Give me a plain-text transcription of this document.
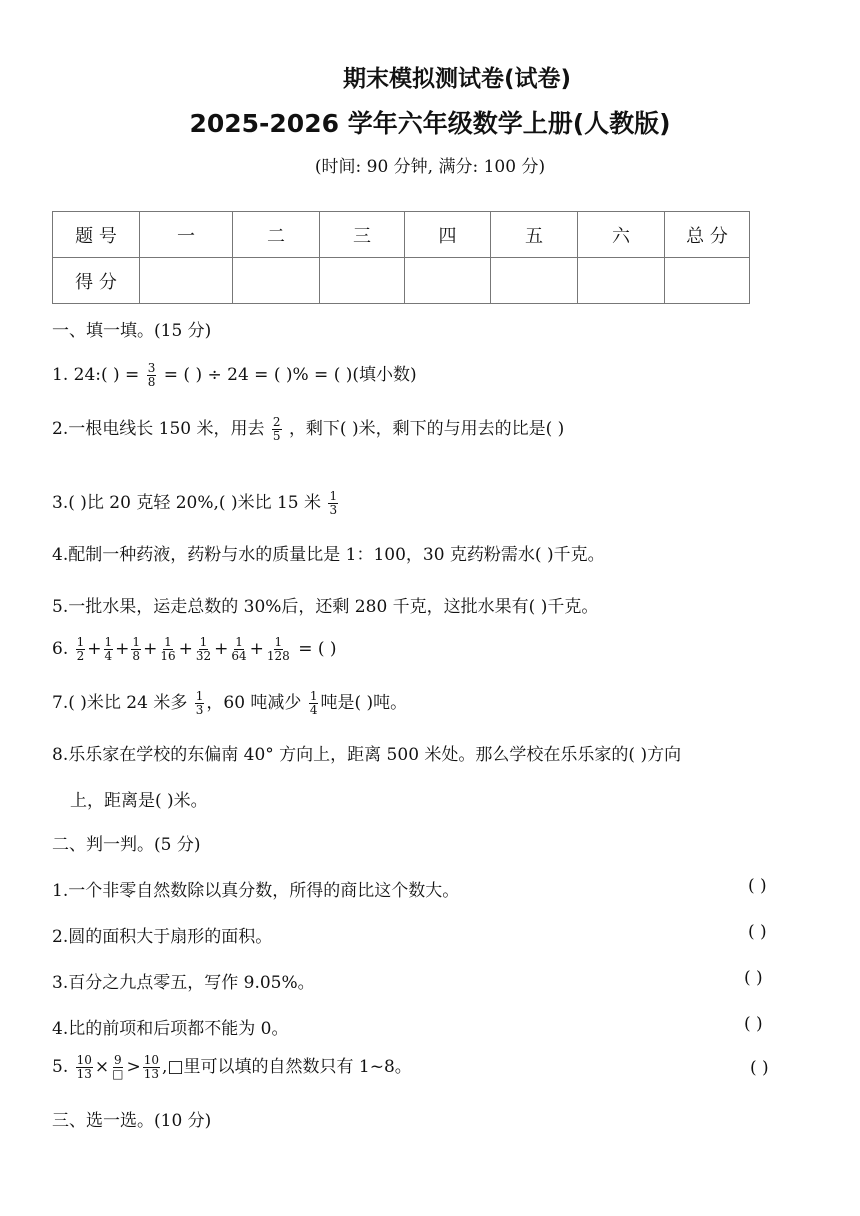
期末模拟测试卷(试卷)
2025-2026 学年六年级数学上册(人教版)
(时间: 90 分钟, 满分: 100 分)
题 号	一	二	三	四	五	六	总 分
得 分							
一、填一填。(15 分)
1. 24:( ) = $\frac{3}{8}$ = ( ) ÷ 24 = ( )% = ( )(填小数)
2.一根电线长 150 米，用去 $\frac{2}{5}$ ，剩下( )米，剩下的与用去的比是( )
3.( )比 20 克轻 20%,( )米比 15 米 $\frac{1}{3}$
4.配制一种药液，药粉与水的质量比是 1：100，30 克药粉需水( )千克。
5.一批水果，运走总数的 30%后，还剩 280 千克，这批水果有( )千克。
6. $\frac{1}{2} + \frac{1}{4} + \frac{1}{8} + \frac{1}{16} + \frac{1}{32} + \frac{1}{64} + \frac{1}{128}$ = ( )
7.( )米比 24 米多 $\frac{1}{3}$ ，60 吨减少 $\frac{1}{4}$ 吨是( )吨。
8.乐乐家在学校的东偏南 40° 方向上，距离 500 米处。那么学校在乐乐家的( )方向
上，距离是( )米。
二、判一判。(5 分)
1.一个非零自然数除以真分数，所得的商比这个数大。	( )
2.圆的面积大于扇形的面积。	( )
3.百分之九点零五，写作 9.05%。	( )
4.比的前项和后项都不能为 0。	( )
5. $\frac{10}{13} \times \frac{9}{□} > \frac{10}{13}$ ,□里可以填的自然数只有 1~8。	( )
三、选一选。(10 分)
